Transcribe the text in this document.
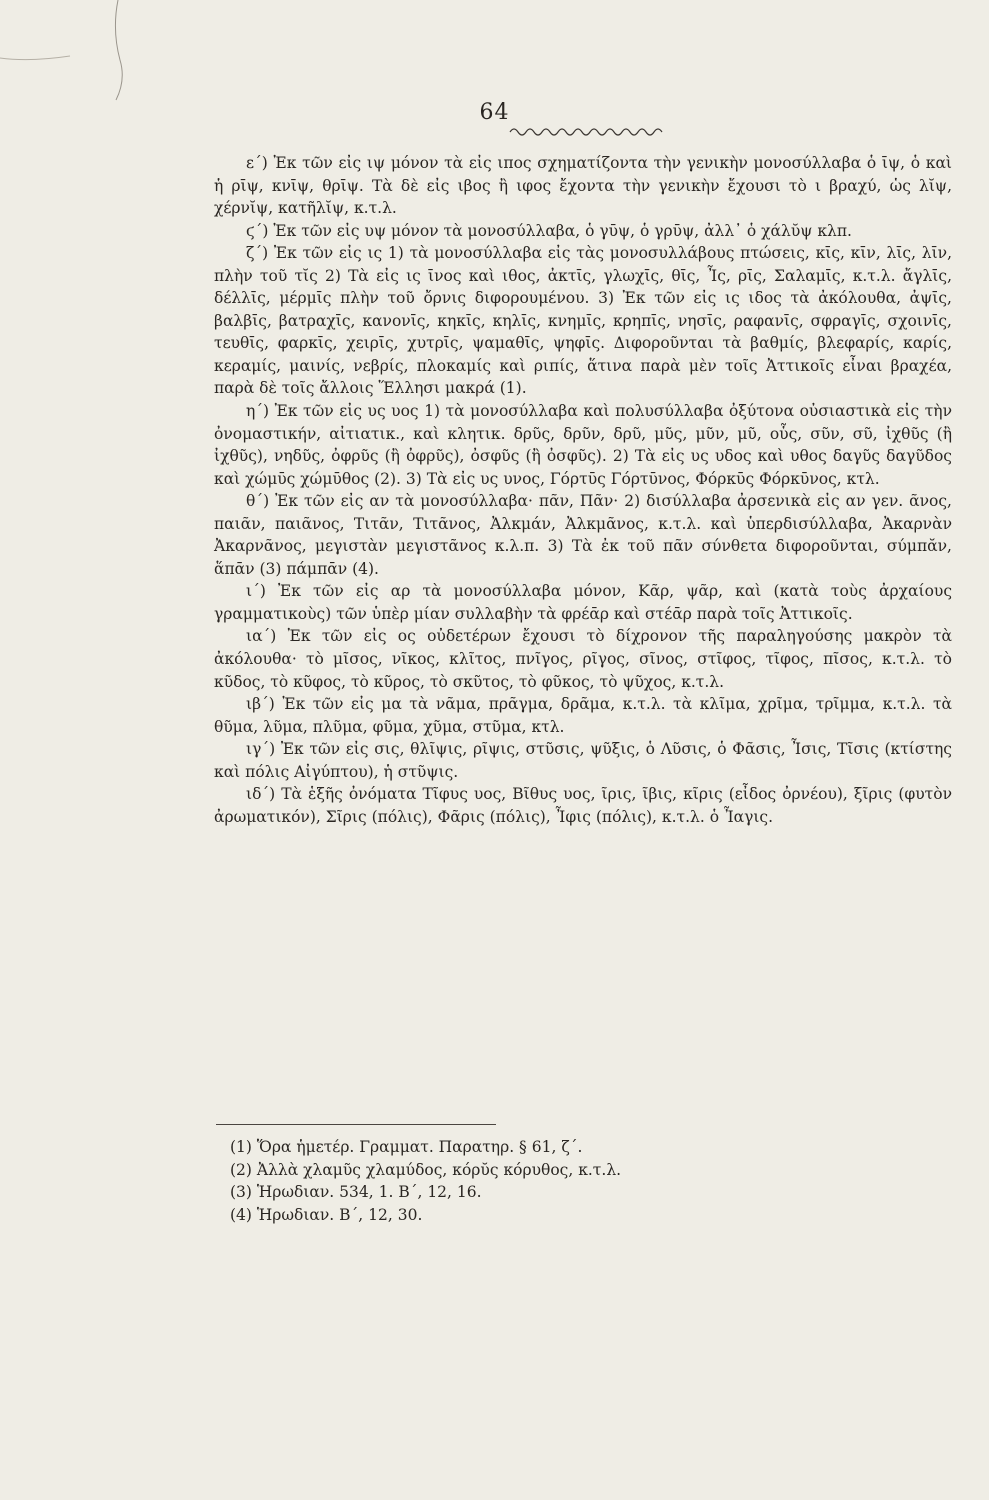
64

ε΄) Ἐκ τῶν εἰς ιψ μόνον τὰ εἰς ιπος σχηματίζοντα τὴν γενικὴν μονοσύλλαβα ὁ ῑψ, ὁ καὶ ἡ ρῑψ, κνῑψ, θρῑψ. Τὰ δὲ εἰς ιβος ἢ ιφος ἔχοντα τὴν γενικὴν ἔχουσι τὸ ι βραχύ, ὡς λῐψ, χέρνῐψ, κατῆλῐψ, κ.τ.λ.

ϛ΄) Ἐκ τῶν εἰς υψ μόνον τὰ μονοσύλλαβα, ὁ γῡψ, ὁ γρῡψ, ἀλλ᾽ ὁ χάλῠψ κλπ.

ζ΄) Ἐκ τῶν εἰς ις 1) τὰ μονοσύλλαβα εἰς τὰς μονοσυλλάβους πτώσεις, κῑς, κῑν, λῑς, λῑν, πλὴν τοῦ τῐς 2) Τὰ εἰς ις ῑνος καὶ ιθος, ἀκτῑς, γλωχῑς, θῑς, Ἶς, ρῑς, Σαλαμῑς, κ.τ.λ. ἄγλῑς, δέλλῑς, μέρμῑς πλὴν τοῦ ὄρνις διφορουμένου. 3) Ἐκ τῶν εἰς ις ιδος τὰ ἀκόλουθα, ἀψῑς, βαλβῑς, βατραχῑς, κανονῑς, κηκῑς, κηλῑς, κνημῑς, κρηπῑς, νησῑς, ραφανῑς, σφραγῑς, σχοινῑς, τευθῑς, φαρκῑς, χειρῑς, χυτρῑς, ψαμαθῑς, ψηφῑς. Διφοροῦνται τὰ βαθμίς, βλεφαρίς, καρίς, κεραμίς, μαινίς, νεβρίς, πλοκαμίς καὶ ριπίς, ἅτινα παρὰ μὲν τοῖς Ἀττικοῖς εἶναι βραχέα, παρὰ δὲ τοῖς ἄλλοις Ἕλλησι μακρά (1).

η΄) Ἐκ τῶν εἰς υς υος 1) τὰ μονοσύλλαβα καὶ πολυσύλλαβα ὀξύτονα οὐσιαστικὰ εἰς τὴν ὀνομαστικήν, αἰτιατικ., καὶ κλητικ. δρῦς, δρῦν, δρῦ, μῦς, μῦν, μῦ, οὗς, σῦν, σῦ, ἰχθῦς (ἢ ἰχθῦς), νηδῦς, ὀφρῦς (ἢ ὀφρῦς), ὀσφῦς (ἢ ὀσφῦς). 2) Τὰ εἰς υς υδος καὶ υθος δαγῦς δαγῦδος καὶ χώμῡς χώμῡθος (2). 3) Τὰ εἰς υς υνος, Γόρτῡς Γόρτῡνος, Φόρκῡς Φόρκῡνος, κτλ.

θ΄) Ἐκ τῶν εἰς αν τὰ μονοσύλλαβα· πᾶν, Πᾶν· 2) δισύλλαβα ἀρσενικὰ εἰς αν γεν. ᾶνος, παιᾶν, παιᾶνος, Τιτᾶν, Τιτᾶνος, Ἀλκμάν, Ἀλκμᾶνος, κ.τ.λ. καὶ ὑπερδισύλλαβα, Ἀκαρνὰν Ἀκαρνᾶνος, μεγιστὰν μεγιστᾶνος κ.λ.π. 3) Τὰ ἐκ τοῦ πᾶν σύνθετα διφοροῦνται, σύμπᾰν, ἅπᾱν (3) πάμπᾱν (4).

ι΄) Ἐκ τῶν εἰς αρ τὰ μονοσύλλαβα μόνον, Κᾶρ, ψᾶρ, καὶ (κατὰ τοὺς ἀρχαίους γραμματικοὺς) τῶν ὑπὲρ μίαν συλλαβὴν τὰ φρέᾱρ καὶ στέᾱρ παρὰ τοῖς Ἀττικοῖς.

ια΄) Ἐκ τῶν εἰς ος οὐδετέρων ἔχουσι τὸ δίχρονον τῆς παραληγούσης μακρὸν τὰ ἀκόλουθα· τὸ μῖσος, νῖκος, κλῖτος, πνῖγος, ρῖγος, σῖνος, στῖφος, τῖφος, πῖσος, κ.τ.λ. τὸ κῦδος, τὸ κῦφος, τὸ κῦρος, τὸ σκῦτος, τὸ φῦκος, τὸ ψῦχος, κ.τ.λ.

ιβ΄) Ἐκ τῶν εἰς μα τὰ νᾶμα, πρᾶγμα, δρᾶμα, κ.τ.λ. τὰ κλῖμα, χρῖμα, τρῖμμα, κ.τ.λ. τὰ θῦμα, λῦμα, πλῦμα, φῦμα, χῦμα, στῦμα, κτλ.

ιγ΄) Ἐκ τῶν εἰς σις, θλῖψις, ρῖψις, στῦσις, ψῦξις, ὁ Λῦσις, ὁ Φᾶσις, Ἶσις, Τῖσις (κτίστης καὶ πόλις Αἰγύπτου), ἡ στῦψις.

ιδ΄) Τὰ ἑξῆς ὀνόματα Τῖφυς υος, Βῖθυς υος, ῖρις, ῖβις, κῖρις (εἶδος ὀρνέου), ξῖρις (φυτὸν ἀρωματικόν), Σῖρις (πόλις), Φᾶρις (πόλις), Ἶφις (πόλις), κ.τ.λ. ὁ Ἶαγις.

(1) Ὅρα ἡμετέρ. Γραμματ. Παρατηρ. § 61, ζ΄.

(2) Ἀλλὰ χλαμῦς χλαμύδος, κόρῠς κόρυθος, κ.τ.λ.

(3) Ἡρωδιαν. 534, 1. Β΄, 12, 16.

(4) Ἡρωδιαν. Β΄, 12, 30.
